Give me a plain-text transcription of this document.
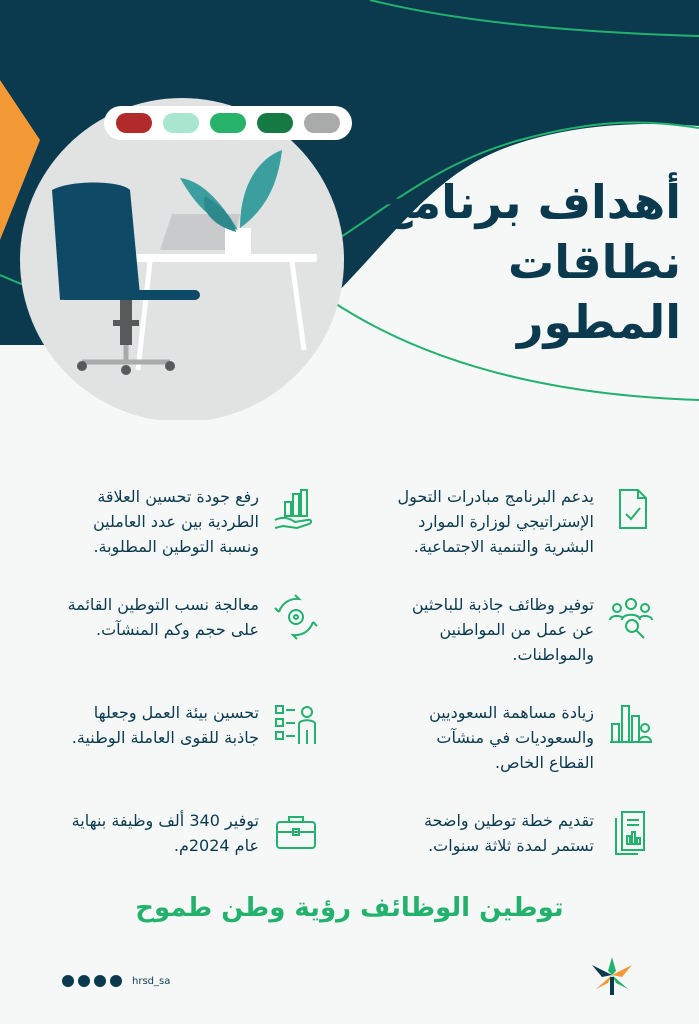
أهداف برنامج
نطاقات المطور
يدعم البرنامج مبادرات التحول الإستراتيجي لوزارة الموارد البشرية والتنمية الاجتماعية.
توفير وظائف جاذبة للباحثين عن عمل من المواطنين والمواطنات.
زيادة مساهمة السعوديين والسعوديات في منشآت القطاع الخاص.
تقديم خطة توطين واضحة تستمر لمدة ثلاثة سنوات.
رفع جودة تحسين العلاقة الطردية بين عدد العاملين ونسبة التوطين المطلوبة.
معالجة نسب التوطين القائمة على حجم وكم المنشآت.
تحسين بيئة العمل وجعلها جاذبة للقوى العاملة الوطنية.
توفير 340 ألف وظيفة بنهاية عام 2024م.

توطين الوظائف رؤية وطن طموح

hrsd_sa
